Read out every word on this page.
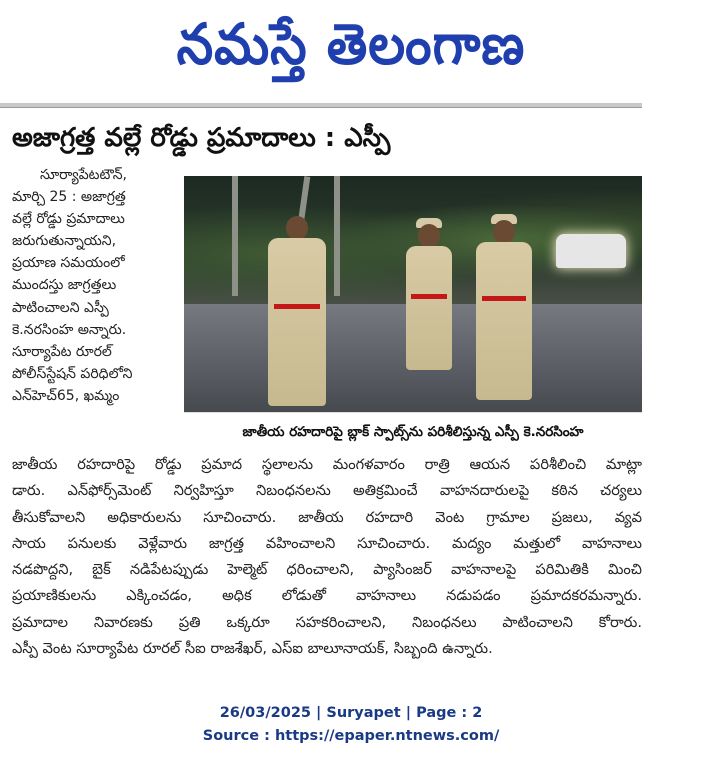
నమస్తే తెలంగాణ
అజాగ్రత్త వల్లే రోడ్డు ప్రమాదాలు : ఎస్పీ
సూర్యాపేటటౌన్,
మార్చి 25 : అజాగ్రత్త
వల్లే రోడ్డు ప్రమాదాలు
జరుగుతున్నాయని,
ప్రయాణ సమయంలో
ముందస్తు జాగ్రత్తలు
పాటించాలని ఎస్పీ
కె.నరసింహ అన్నారు.
సూర్యాపేట రూరల్
పోలీస్‌స్టేషన్ పరిధిలోని
ఎన్‌హెచ్65, ఖమ్మం
జాతీయ రహదారిపై బ్లాక్ స్పాట్స్‌ను పరిశీలిస్తున్న ఎస్పీ కె.నరసింహ
జాతీయ రహదారిపై రోడ్డు ప్రమాద స్థలాలను మంగళవారం రాత్రి ఆయన పరిశీలించి మాట్లా
డారు. ఎన్‌ఫోర్స్‌మెంట్ నిర్వహిస్తూ నిబంధనలను అతిక్రమించే వాహనదారులపై కఠిన చర్యలు
తీసుకోవాలని అధికారులను సూచించారు. జాతీయ రహదారి వెంట గ్రామాల ప్రజలు, వ్యవ
సాయ పనులకు వెళ్లేవారు జాగ్రత్త వహించాలని సూచించారు. మద్యం మత్తులో వాహనాలు
నడపొద్దని, బైక్ నడిపేటప్పుడు హెల్మెట్ ధరించాలని, ప్యాసింజర్ వాహనాలపై పరిమితికి మించి
ప్రయాణికులను ఎక్కించడం, అధిక లోడుతో వాహనాలు నడుపడం ప్రమాదకరమన్నారు.
ప్రమాదాల నివారణకు ప్రతి ఒక్కరూ సహకరించాలని, నిబంధనలు పాటించాలని కోరారు.
ఎస్పీ వెంట సూర్యాపేట రూరల్ సీఐ రాజశేఖర్, ఎస్ఐ బాలూనాయక్, సిబ్బంది ఉన్నారు.
26/03/2025 | Suryapet | Page : 2
Source : https://epaper.ntnews.com/
